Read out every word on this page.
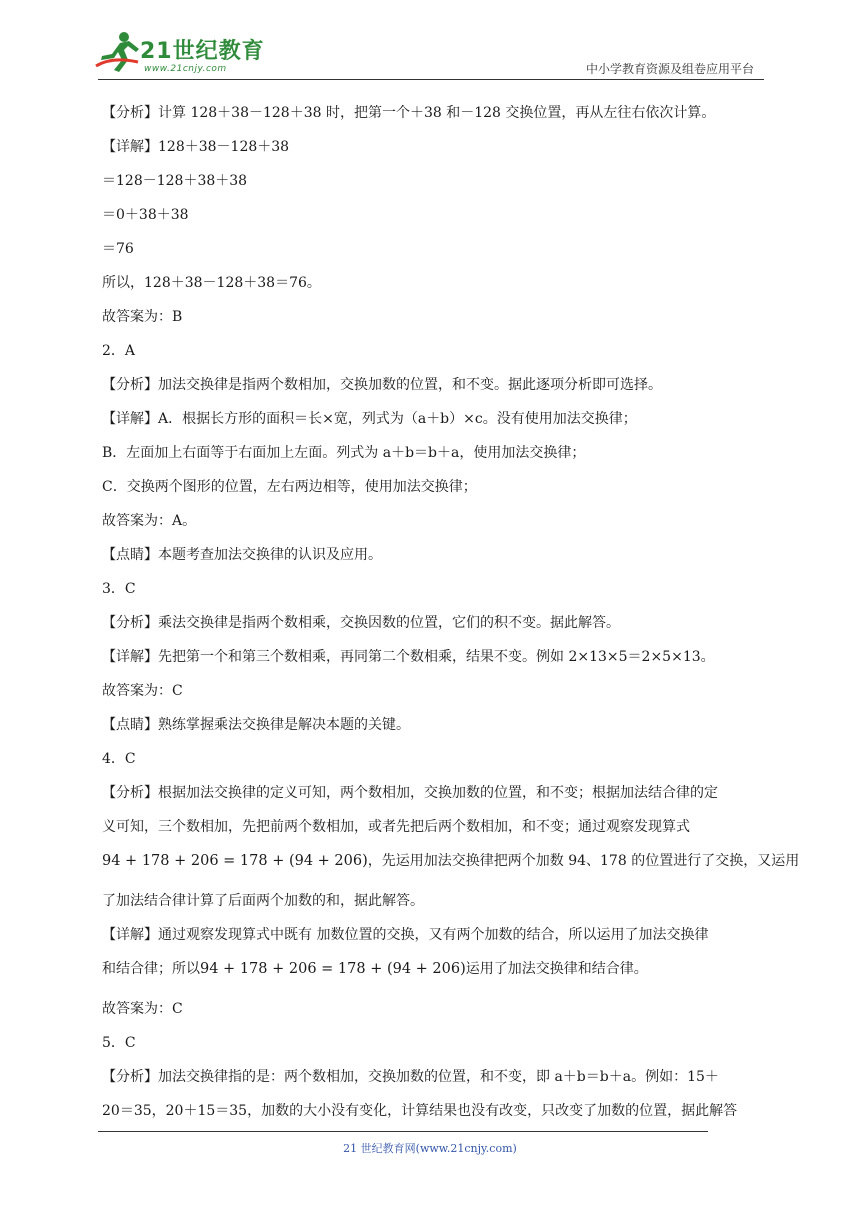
21世纪教育
www.21cnjy.com	中小学教育资源及组卷应用平台
【分析】计算 128＋38－128＋38 时，把第一个＋38 和－128 交换位置，再从左往右依次计算。
【详解】128＋38－128＋38
＝128－128＋38＋38
＝0＋38＋38
＝76
所以，128＋38－128＋38＝76。
故答案为：B
2．A
【分析】加法交换律是指两个数相加，交换加数的位置，和不变。据此逐项分析即可选择。
【详解】A．根据长方形的面积＝长×宽，列式为（a＋b）×c。没有使用加法交换律；
B．左面加上右面等于右面加上左面。列式为 a＋b＝b＋a，使用加法交换律；
C．交换两个图形的位置，左右两边相等，使用加法交换律；
故答案为：A。
【点睛】本题考查加法交换律的认识及应用。
3．C
【分析】乘法交换律是指两个数相乘，交换因数的位置，它们的积不变。据此解答。
【详解】先把第一个和第三个数相乘，再同第二个数相乘，结果不变。例如 2×13×5＝2×5×13。
故答案为：C
【点睛】熟练掌握乘法交换律是解决本题的关键。
4．C
【分析】根据加法交换律的定义可知，两个数相加，交换加数的位置，和不变；根据加法结合律的定
义可知，三个数相加，先把前两个数相加，或者先把后两个数相加，和不变；通过观察发现算式
94 + 178 + 206 = 178 + (94 + 206)，先运用加法交换律把两个加数 94、178 的位置进行了交换，又运用
了加法结合律计算了后面两个加数的和，据此解答。
【详解】通过观察发现算式中既有 加数位置的交换，又有两个加数的结合，所以运用了加法交换律
和结合律；所以94 + 178 + 206 = 178 + (94 + 206)运用了加法交换律和结合律。
故答案为：C
5．C
【分析】加法交换律指的是：两个数相加，交换加数的位置，和不变，即 a＋b＝b＋a。例如：15＋
20＝35，20＋15＝35，加数的大小没有变化，计算结果也没有改变，只改变了加数的位置，据此解答
21 世纪教育网(www.21cnjy.com)
